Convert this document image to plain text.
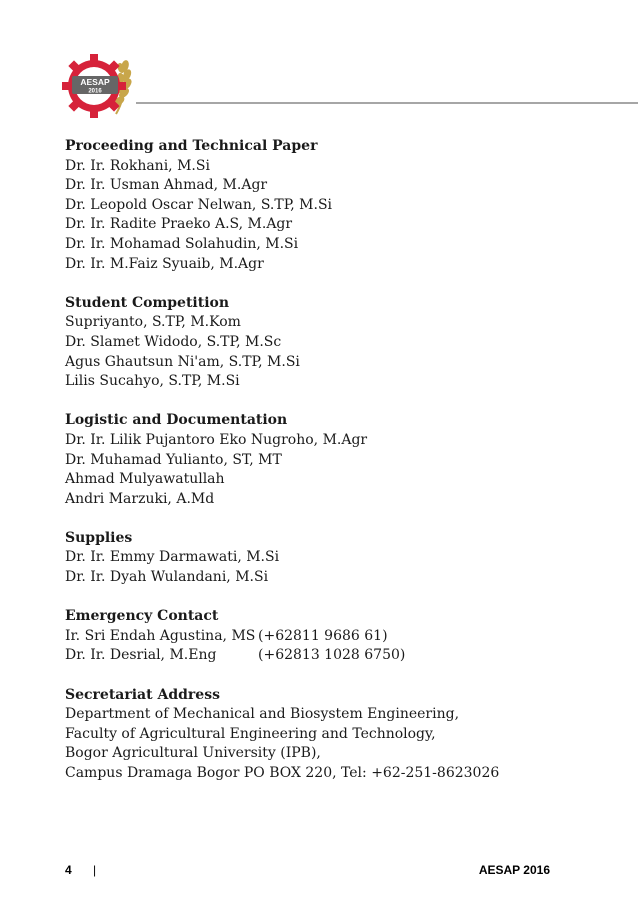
AESAP
2016
Proceeding and Technical Paper
Dr. Ir. Rokhani, M.Si
Dr. Ir. Usman Ahmad, M.Agr
Dr. Leopold Oscar Nelwan, S.TP, M.Si
Dr. Ir. Radite Praeko A.S, M.Agr
Dr. Ir. Mohamad Solahudin, M.Si
Dr. Ir. M.Faiz Syuaib, M.Agr
Student Competition
Supriyanto, S.TP, M.Kom
Dr. Slamet Widodo, S.TP, M.Sc
Agus Ghautsun Ni'am, S.TP, M.Si
Lilis Sucahyo, S.TP, M.Si
Logistic and Documentation
Dr. Ir. Lilik Pujantoro Eko Nugroho, M.Agr
Dr. Muhamad Yulianto, ST, MT
Ahmad Mulyawatullah
Andri Marzuki, A.Md
Supplies
Dr. Ir. Emmy Darmawati, M.Si
Dr. Ir. Dyah Wulandani, M.Si
Emergency Contact
Ir. Sri Endah Agustina, MS (+62811 9686 61)
Dr. Ir. Desrial, M.Eng	(+62813 1028 6750)
Secretariat Address
Department of Mechanical and Biosystem Engineering,
Faculty of Agricultural Engineering and Technology,
Bogor Agricultural University (IPB),
Campus Dramaga Bogor PO BOX 220, Tel: +62-251-8623026
4 |	AESAP 2016
